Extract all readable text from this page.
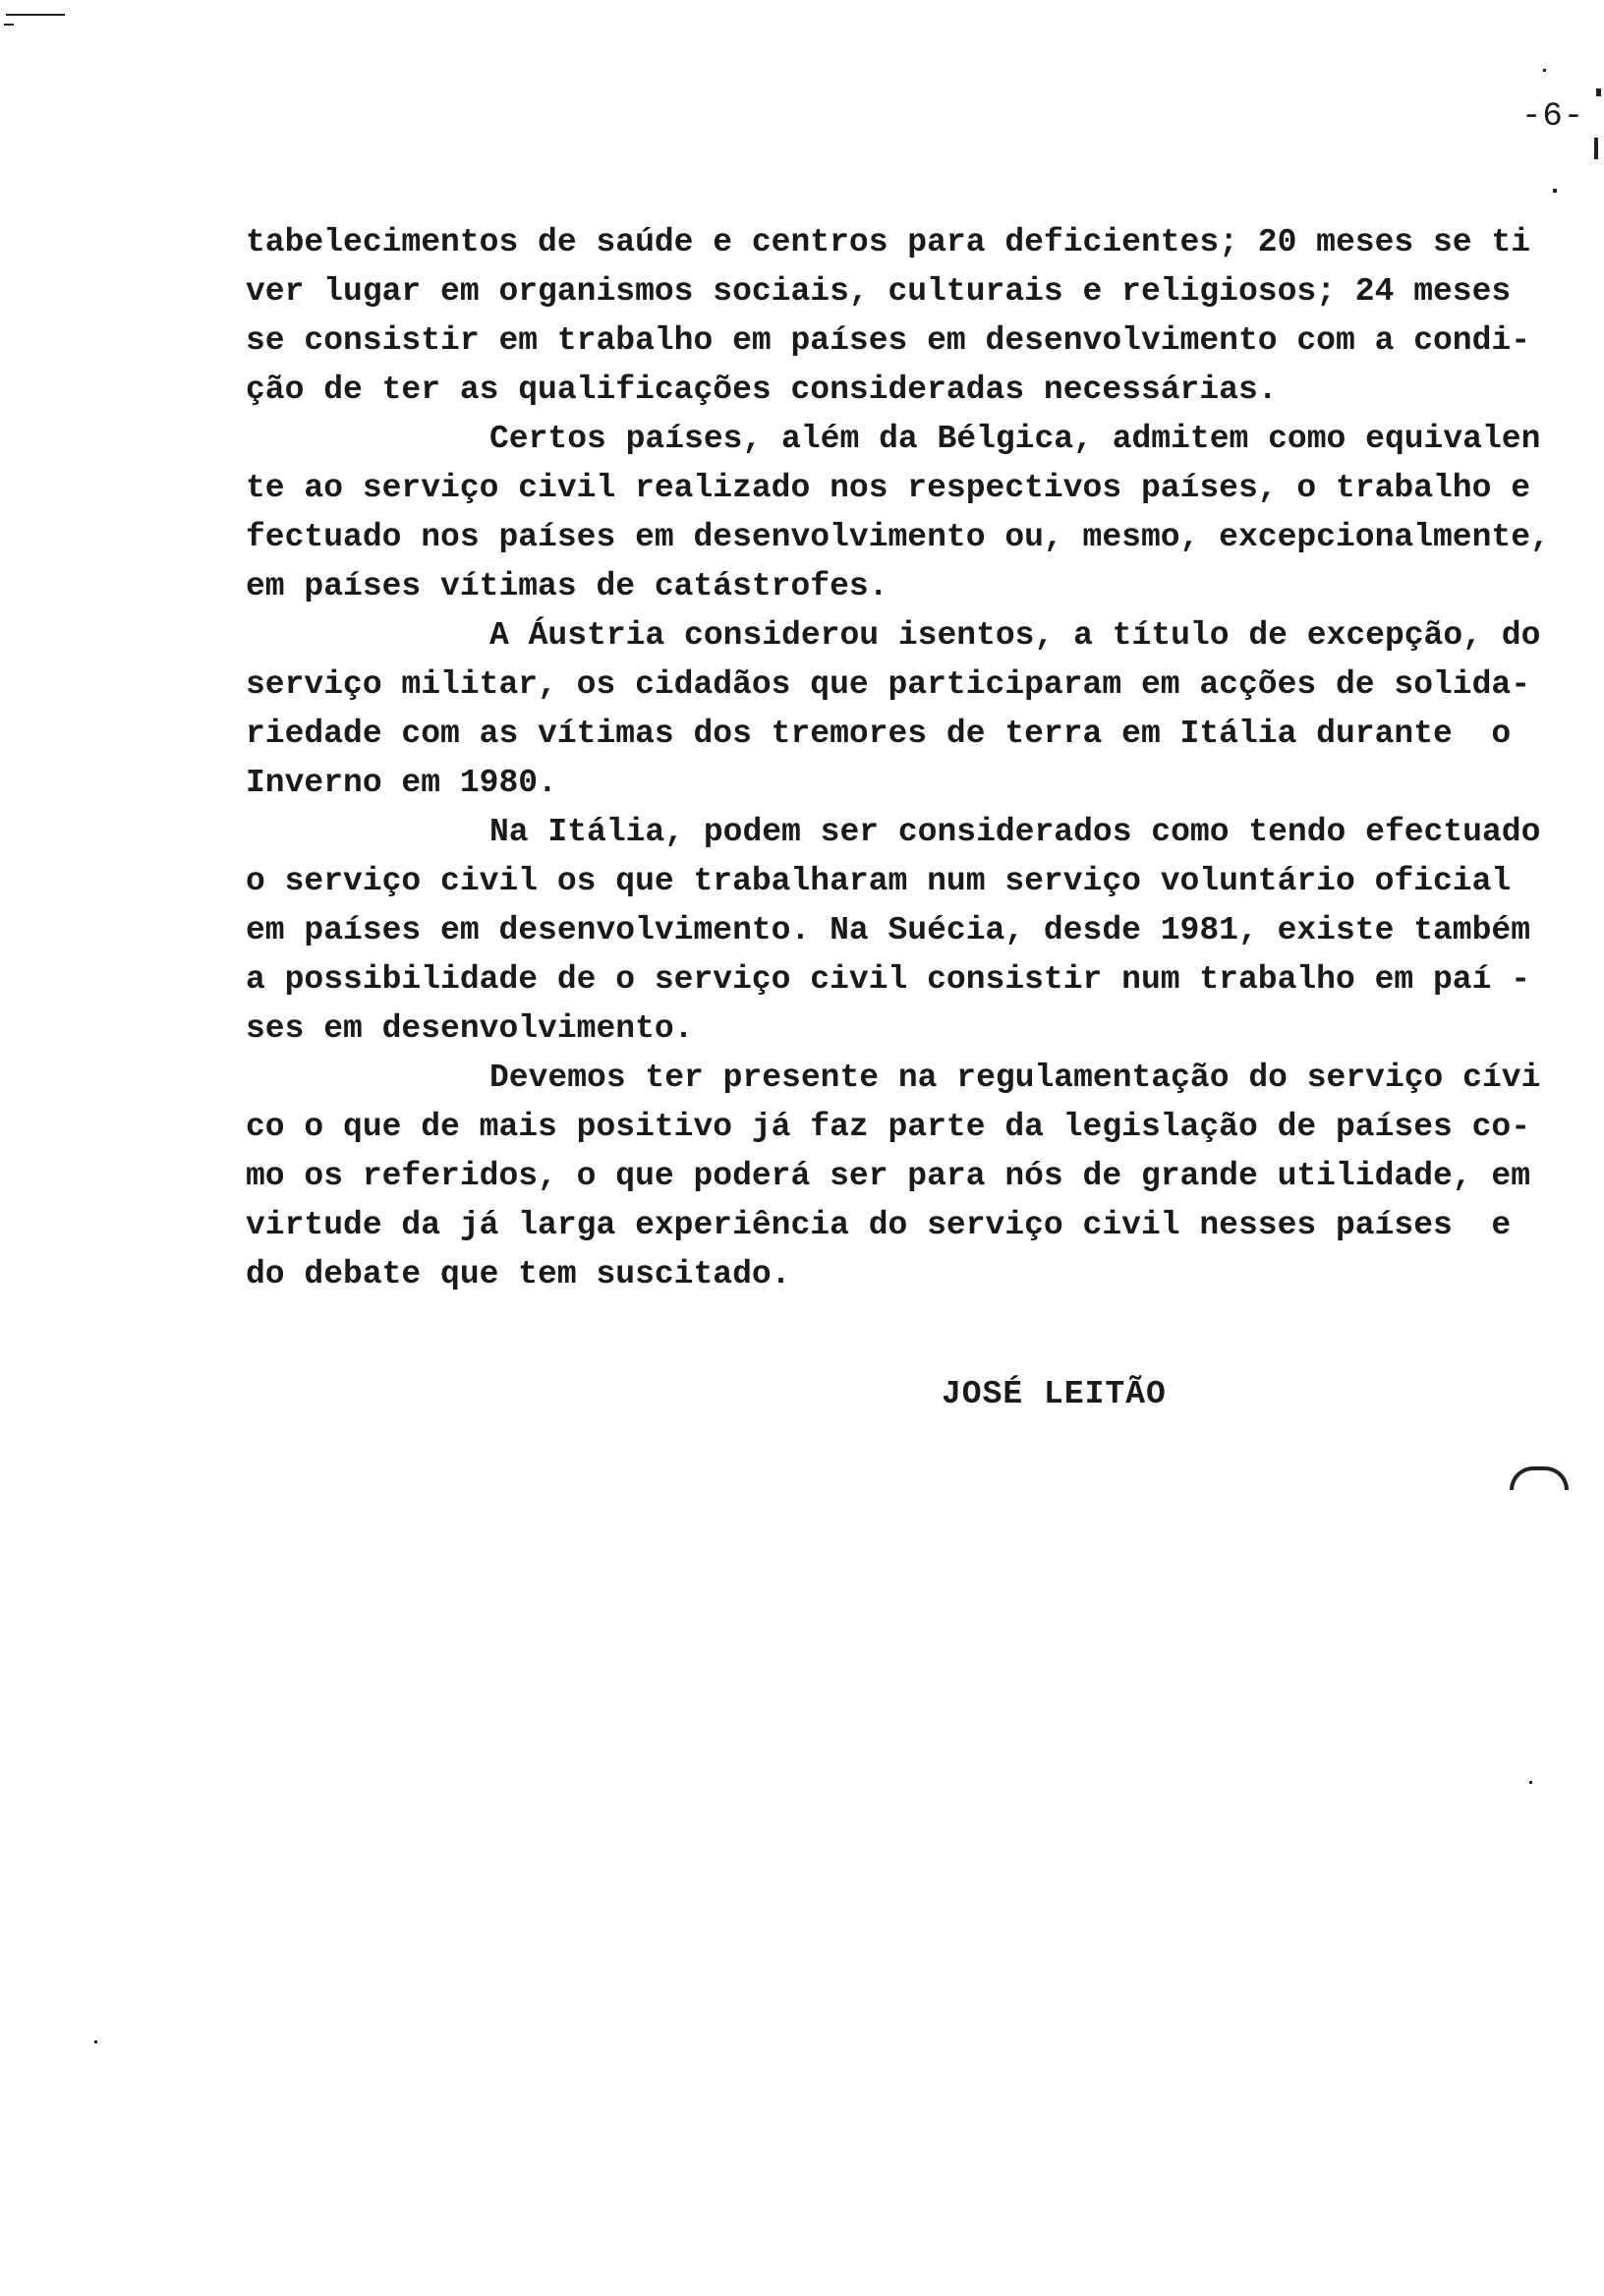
-6-
tabelecimentos de saúde e centros para deficientes; 20 meses se ti
ver lugar em organismos sociais, culturais e religiosos; 24 meses
se consistir em trabalho em países em desenvolvimento com a condi-
ção de ter as qualificações consideradas necessárias.
Certos países, além da Bélgica, admitem como equivalen
te ao serviço civil realizado nos respectivos países, o trabalho e
fectuado nos países em desenvolvimento ou, mesmo, excepcionalmente,
em países vítimas de catástrofes.
A Áustria considerou isentos, a título de excepção, do
serviço militar, os cidadãos que participaram em acções de solida-
riedade com as vítimas dos tremores de terra em Itália durante  o
Inverno em 1980.
Na Itália, podem ser considerados como tendo efectuado
o serviço civil os que trabalharam num serviço voluntário oficial
em países em desenvolvimento. Na Suécia, desde 1981, existe também
a possibilidade de o serviço civil consistir num trabalho em paí -
ses em desenvolvimento.
Devemos ter presente na regulamentação do serviço cívi
co o que de mais positivo já faz parte da legislação de países co-
mo os referidos, o que poderá ser para nós de grande utilidade, em
virtude da já larga experiência do serviço civil nesses países  e
do debate que tem suscitado.
JOSÉ LEITÃO
